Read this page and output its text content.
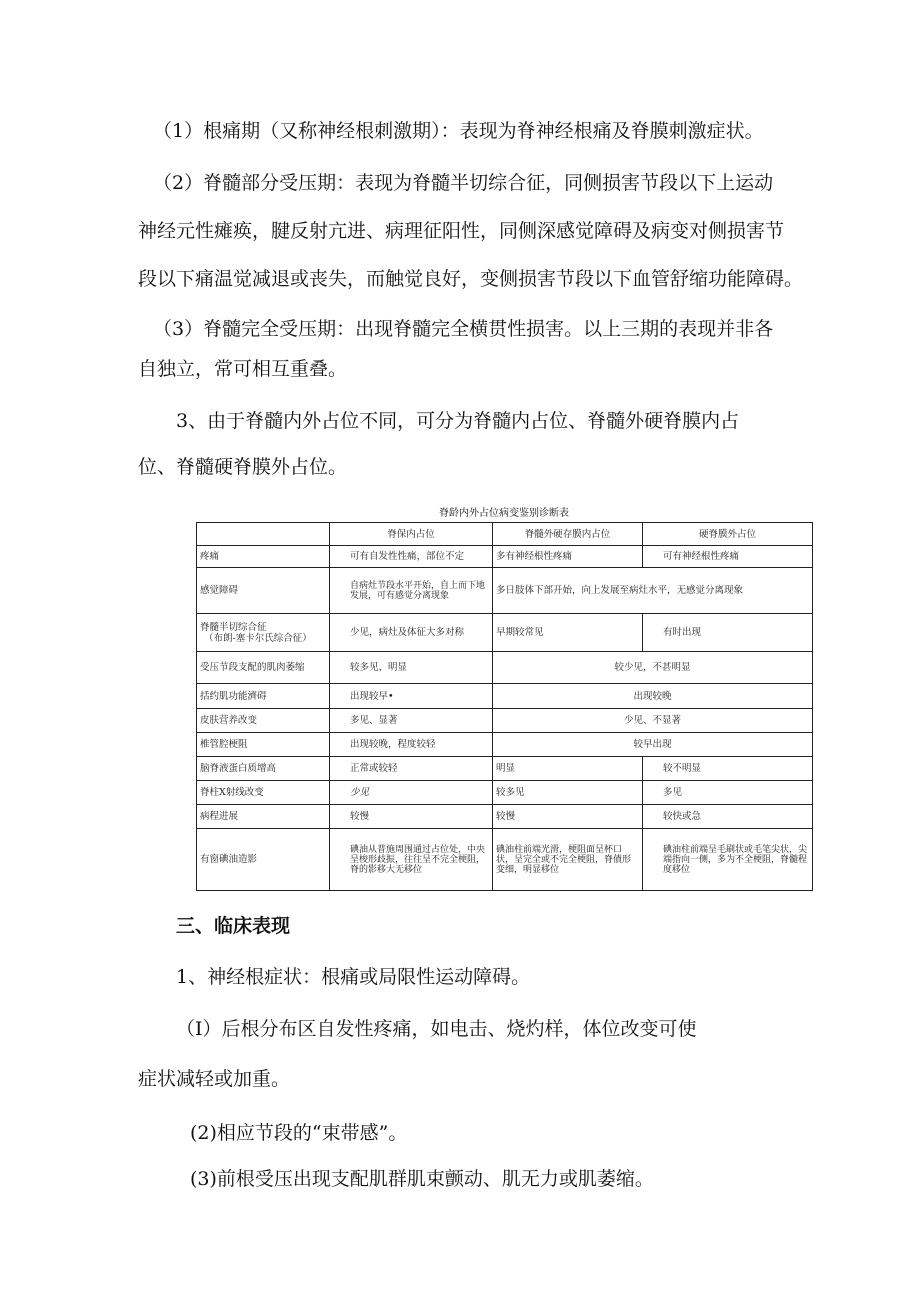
（1）根痛期（又称神经根刺激期）：表现为脊神经根痛及脊膜刺激症状。
（2）脊髓部分受压期：表现为脊髓半切综合征，同侧损害节段以下上运动
神经元性瘫痪，腱反射亢进、病理征阳性，同侧深感觉障碍及病变对侧损害节
段以下痛温觉减退或丧失，而触觉良好，变侧损害节段以下血管舒缩功能障碍。
（3）脊髓完全受压期：出现脊髓完全横贯性损害。以上三期的表现并非各
自独立，常可相互重叠。
3、由于脊髓内外占位不同，可分为脊髓内占位、脊髓外硬脊膜内占
位、脊髓硬脊膜外占位。
脊龄内外占位病变鉴别诊断表
	脊保内占位	脊髓外硬存膜内占位	硬脊膜外占位
疼痛	可有自发性性痛，部位不定	多有神经根性疼痛	可有神经根性疼痛
感觉障碍	自病灶节段水平开始，自上而下地发展，可有感觉分离现象	多日肢体下部开始，向上发展至病灶水平，无感觉分离现象	
脊髓半切综合征
（布朗-塞卡尔氏综合征）	少见，病灶及体征大多对称	早期较常见	有时出现
受压节段支配的肌肉萎缩	较多见、明显	较少见，不甚明显	
括约肌功能濟碍	出现较早•	出现较晚	
皮肤营养改变	多见、显著	少见、不显著	
椎管腔梗阻	出现较晚，程度较轻	较早出现	
脑脊液蛋白质增高	正常或较轻	明显	较不明显
脊柱X射线改变	少见	较多见	多见
病程进展	较慢	较慢	较快或急
有窗碘油造影	碘油从普施周围通过占位处，中央呈梭形歧振，往往呈不完全梗阻，脊的影移大无移位	碘油柱前端光滑，梗阻面呈杯口状，呈完全或不完全梗阻，脊債形变细，明显移位	碘油柱前端呈毛刷状或毛笔尖状，尖端指向一侧，多为不全梗阻，脊髓程度移位
三、临床表现
1、神经根症状：根痛或局限性运动障碍。
（I）后根分布区自发性疼痛，如电击、烧灼样，体位改变可使
症状减轻或加重。
(2)相应节段的“束带感”。
(3)前根受压出现支配肌群肌束颤动、肌无力或肌萎缩。
